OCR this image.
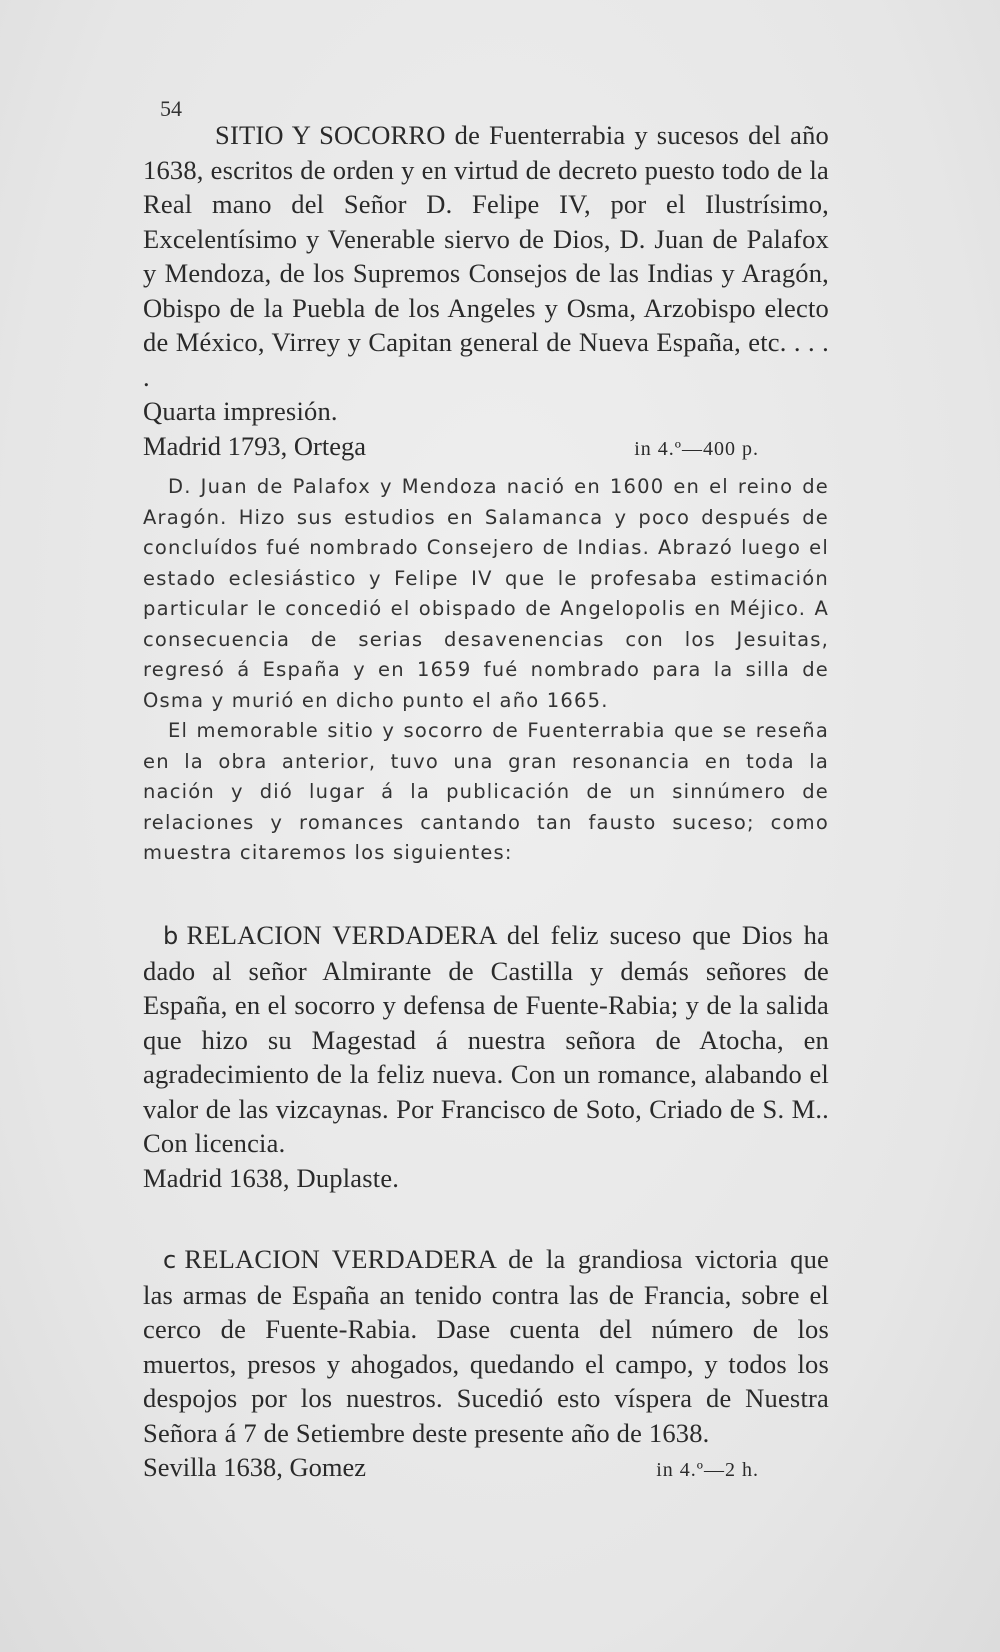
54

SITIO Y SOCORRO de Fuenterrabia y sucesos del año 1638, escritos de orden y en virtud de decreto puesto todo de la Real mano del Señor D. Felipe IV, por el Ilustrísimo, Excelentísimo y Venerable siervo de Dios, D. Juan de Palafox y Mendoza, de los Supremos Consejos de las Indias y Aragón, Obispo de la Puebla de los Angeles y Osma, Arzobispo electo de México, Virrey y Capitan general de Nueva España, etc. . . . .

Quarta impresión.

Madrid 1793, Ortega	in 4.º—400 p.

D. Juan de Palafox y Mendoza nació en 1600 en el reino de Aragón. Hizo sus estudios en Salamanca y poco después de concluídos fué nombrado Consejero de Indias. Abrazó luego el estado eclesiástico y Felipe IV que le profesaba estimación particular le concedió el obispado de Angelopolis en Méjico. A consecuencia de serias desavenencias con los Jesuitas, regresó á España y en 1659 fué nombrado para la silla de Osma y murió en dicho punto el año 1665.

El memorable sitio y socorro de Fuenterrabia que se reseña en la obra anterior, tuvo una gran resonancia en toda la nación y dió lugar á la publicación de un sinnúmero de relaciones y romances cantando tan fausto suceso; como muestra citaremos los siguientes:

b RELACION VERDADERA del feliz suceso que Dios ha dado al señor Almirante de Castilla y demás señores de España, en el socorro y defensa de Fuente-Rabia; y de la salida que hizo su Magestad á nuestra señora de Atocha, en agradecimiento de la feliz nueva. Con un romance, alabando el valor de las vizcaynas. Por Francisco de Soto, Criado de S. M.. Con licencia.

Madrid 1638, Duplaste.

c RELACION VERDADERA de la grandiosa victoria que las armas de España an tenido contra las de Francia, sobre el cerco de Fuente-Rabia. Dase cuenta del número de los muertos, presos y ahogados, quedando el campo, y todos los despojos por los nuestros. Sucedió esto víspera de Nuestra Señora á 7 de Setiembre deste presente año de 1638.

Sevilla 1638, Gomez	in 4.º—2 h.
